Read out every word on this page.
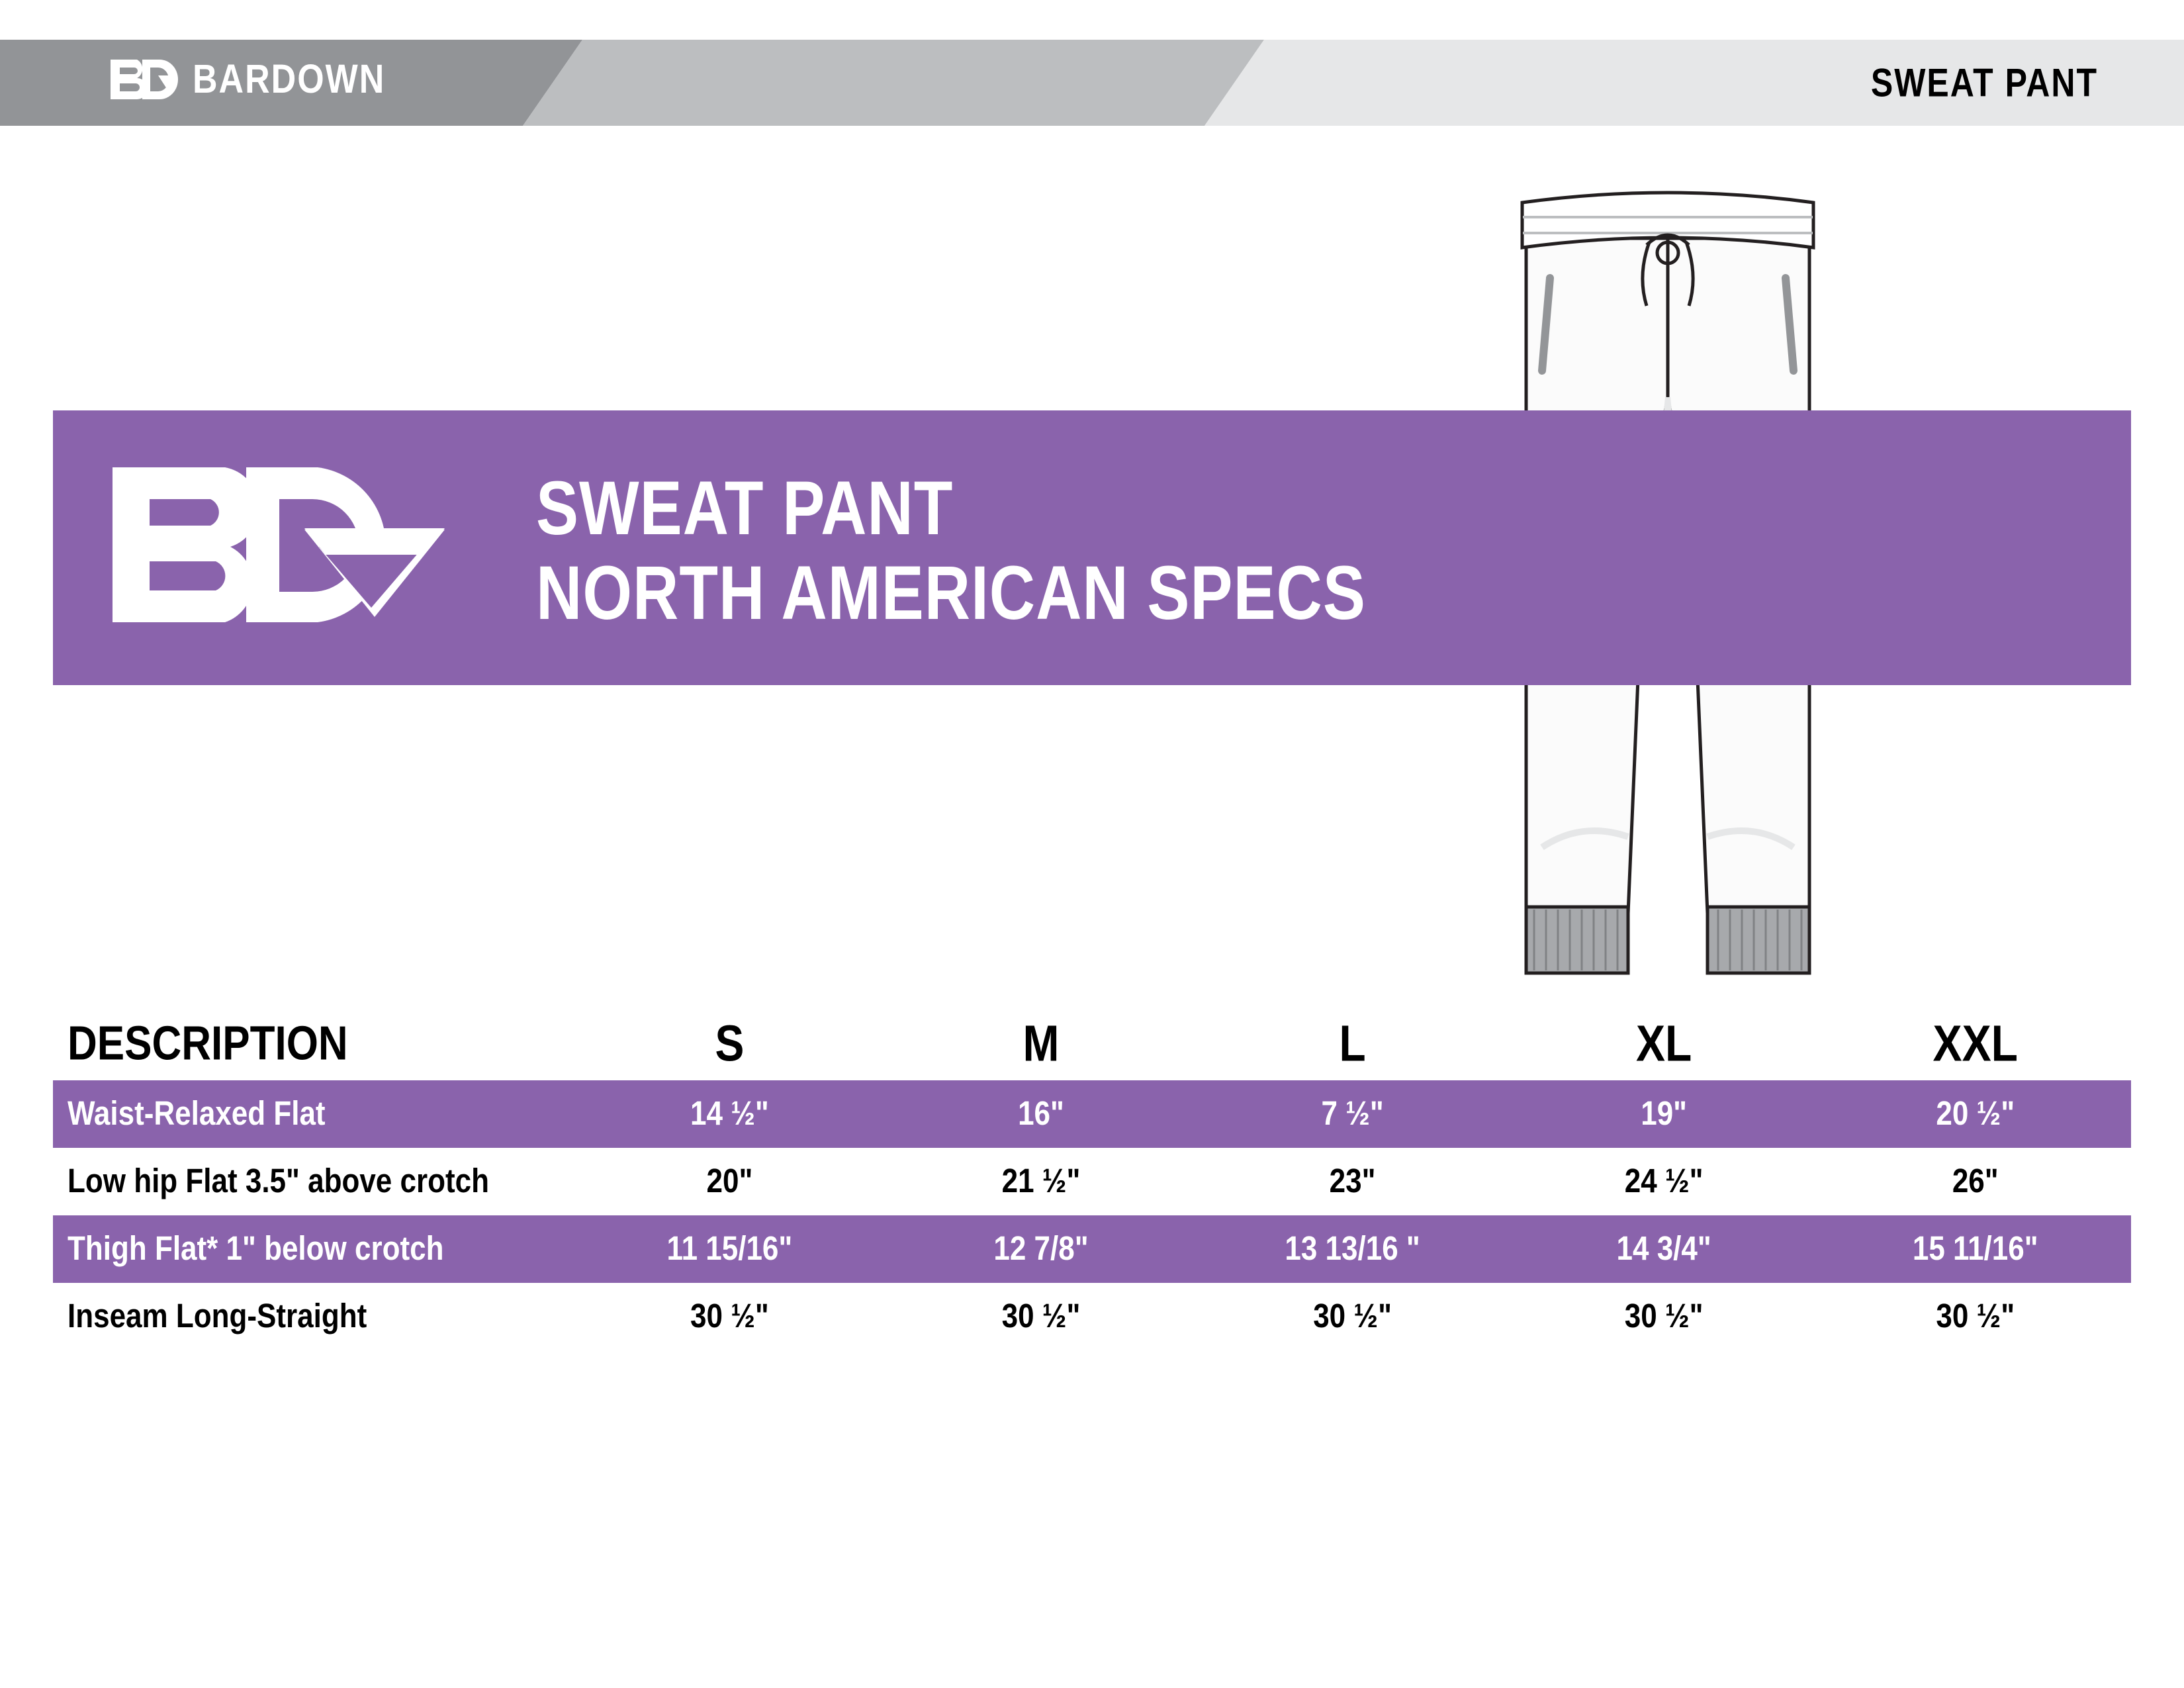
BARDOWN	SWEAT PANT
SWEAT PANT
NORTH AMERICAN SPECS
DESCRIPTION	S	M	L	XL	XXL
Waist-Relaxed Flat	14 ½"	16"	7 ½"	19"	20 ½"
Low hip Flat 3.5" above crotch	20"	21 ½"	23"	24 ½"	26"
Thigh Flat* 1" below crotch	11 15/16"	12 7/8"	13 13/16 "	14 3/4"	15 11/16"
Inseam Long-Straight	30 ½"	30 ½"	30 ½"	30 ½"	30 ½"
